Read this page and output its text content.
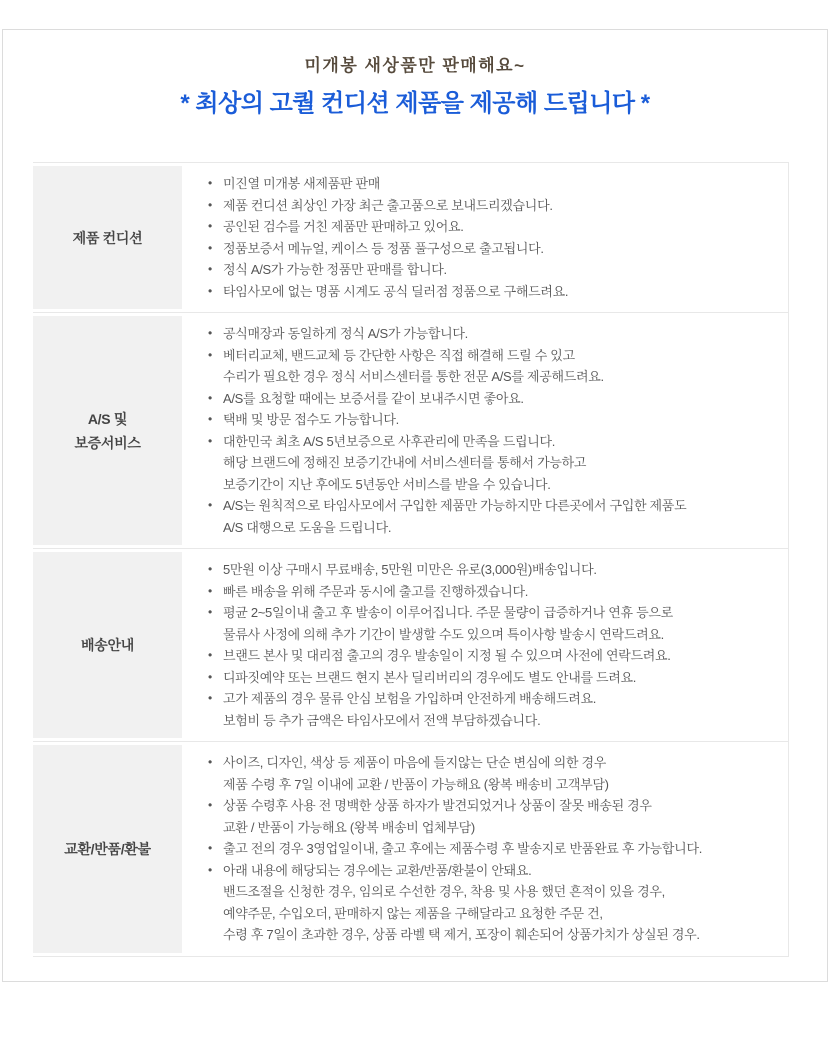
미개봉 새상품만 판매해요~
* 최상의 고퀄 컨디션 제품을 제공해 드립니다 *
제품 컨디션
• 미진열 미개봉 새제품판 판매
• 제품 컨디션 최상인 가장 최근 출고품으로 보내드리겠습니다.
• 공인된 검수를 거친 제품만 판매하고 있어요.
• 정품보증서 메뉴얼, 케이스 등 정품 풀구성으로 출고됩니다.
• 정식 A/S가 가능한 정품만 판매를 합니다.
• 타임사모에 없는 명품 시계도 공식 딜러점 정품으로 구해드려요.
A/S 및
보증서비스
• 공식매장과 동일하게 정식 A/S가 가능합니다.
• 베터리교체, 밴드교체 등 간단한 사항은 직접 해결해 드릴 수 있고
수리가 필요한 경우 정식 서비스센터를 통한 전문 A/S를 제공해드려요.
• A/S를 요청할 때에는 보증서를 같이 보내주시면 좋아요.
• 택배 및 방문 접수도 가능합니다.
• 대한민국 최초 A/S 5년보증으로 사후관리에 만족을 드립니다.
해당 브랜드에 정해진 보증기간내에 서비스센터를 통해서 가능하고
보증기간이 지난 후에도 5년동안 서비스를 받을 수 있습니다.
• A/S는 원칙적으로 타임사모에서 구입한 제품만 가능하지만 다른곳에서 구입한 제품도
A/S 대행으로 도움을 드립니다.
배송안내
• 5만원 이상 구매시 무료배송, 5만원 미만은 유로(3,000원)배송입니다.
• 빠른 배송을 위해 주문과 동시에 출고를 진행하겠습니다.
• 평균 2~5일이내 출고 후 발송이 이루어집니다. 주문 물량이 급증하거나 연휴 등으로
물류사 사정에 의해 추가 기간이 발생할 수도 있으며 특이사항 발송시 연락드려요.
• 브랜드 본사 및 대리점 출고의 경우 발송일이 지정 될 수 있으며 사전에 연락드려요.
• 디파짓예약 또는 브랜드 현지 본사 딜리버리의 경우에도 별도 안내를 드려요.
• 고가 제품의 경우 물류 안심 보험을 가입하며 안전하게 배송해드려요.
보험비 등 추가 금액은 타임사모에서 전액 부담하겠습니다.
교환/반품/환불
• 사이즈, 디자인, 색상 등 제품이 마음에 들지않는 단순 변심에 의한 경우
제품 수령 후 7일 이내에 교환 / 반품이 가능해요 (왕복 배송비 고객부담)
• 상품 수령후 사용 전 명백한 상품 하자가 발견되었거나 상품이 잘못 배송된 경우
교환 / 반품이 가능해요 (왕복 배송비 업체부담)
• 출고 전의 경우 3영업일이내, 출고 후에는 제품수령 후 발송지로 반품완료 후 가능합니다.
• 아래 내용에 해당되는 경우에는 교환/반품/환불이 안돼요.
밴드조절을 신청한 경우, 임의로 수선한 경우, 착용 및 사용 했던 흔적이 있을 경우,
예약주문, 수입오더, 판매하지 않는 제품을 구해달라고 요청한 주문 건,
수령 후 7일이 초과한 경우, 상품 라벨 택 제거, 포장이 훼손되어 상품가치가 상실된 경우.
